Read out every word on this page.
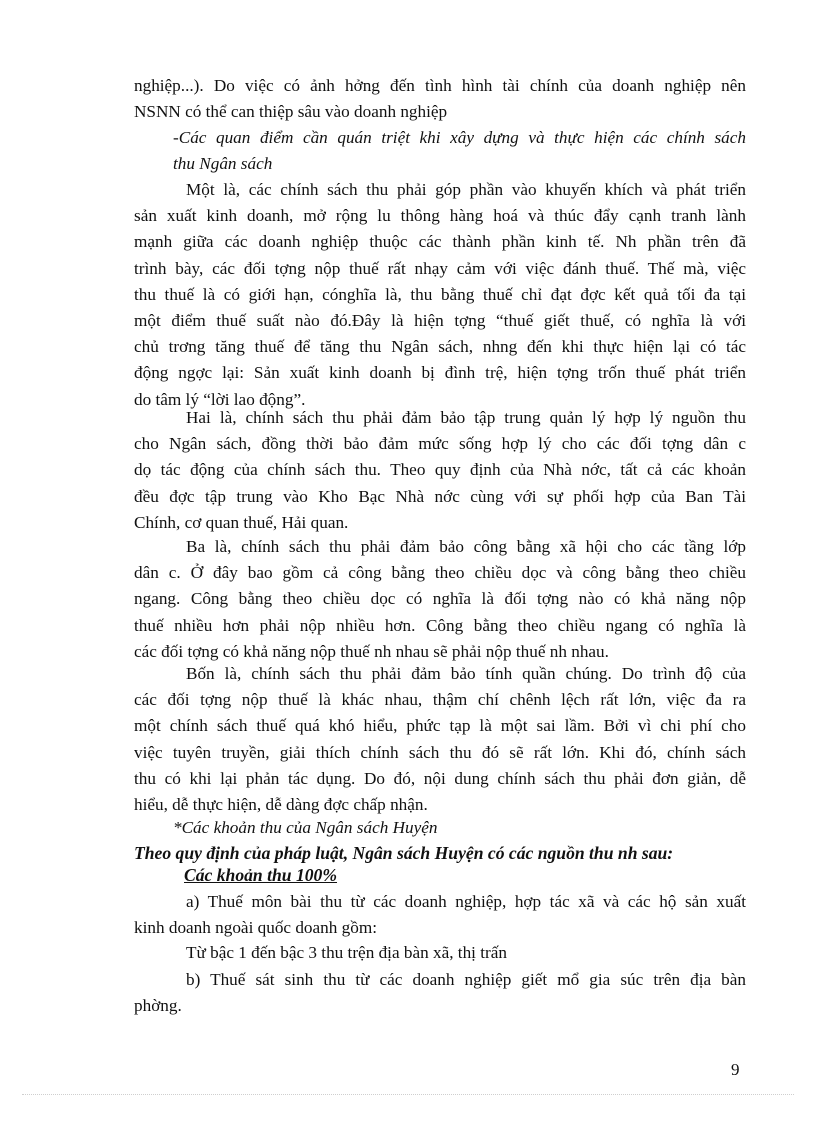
nghiệp...). Do việc có ảnh hởng đến tình hình tài chính của doanh nghiệp nên
NSNN có thể can thiệp sâu vào doanh nghiệp
-Các quan điểm cần quán triệt khi xây dựng và thực hiện các chính sách
thu Ngân sách
Một là, các chính sách thu phải góp phần vào khuyến khích và phát triển
sản xuất kinh doanh, mở rộng lu thông hàng hoá và thúc đẩy cạnh tranh lành
mạnh giữa các doanh nghiệp thuộc các thành phần kinh tế. Nh phần trên đã
trình bày, các đối tợng nộp thuế rất nhạy cảm với việc đánh thuế. Thế mà, việc
thu thuế là có giới hạn, cónghĩa là, thu bằng thuế chỉ đạt đợc kết quả tối đa tại
một điểm thuế suất nào đó.Đây là hiện tợng “thuế giết thuế, có nghĩa là với
chủ trơng tăng thuế để tăng thu Ngân sách, nhng đến khi thực hiện lại có tác
động ngợc lại: Sản xuất kinh doanh bị đình trệ, hiện tợng trốn thuế phát triển
do tâm lý “lời lao động”.
Hai là, chính sách thu phải đảm bảo tập trung quản lý hợp lý nguồn thu
cho Ngân sách, đồng thời bảo đảm mức sống hợp lý cho các đối tợng dân c
dọ tác động của chính sách thu. Theo quy định của Nhà nớc, tất cả các khoản
đều đợc tập trung vào Kho Bạc Nhà nớc cùng với sự phối hợp của Ban Tài
Chính, cơ quan thuế, Hải quan.
Ba là, chính sách thu phải đảm bảo công bằng xã hội cho các tầng lớp
dân c. Ở đây bao gồm cả công bằng theo chiều dọc và công bằng theo chiều
ngang. Công bằng theo chiều dọc có nghĩa là đối tợng nào có khả năng nộp
thuế nhiều hơn phải nộp nhiều hơn. Công bằng theo chiều ngang có nghĩa là
các đối tợng có khả năng nộp thuế nh nhau sẽ phải nộp thuế nh nhau.
Bốn là, chính sách thu phải đảm bảo tính quần chúng. Do trình độ của
các đối tợng nộp thuế là khác nhau, thậm chí chênh lệch rất lớn, việc đa ra
một chính sách thuế quá khó hiểu, phức tạp là một sai lầm. Bởi vì chi phí cho
việc tuyên truyền, giải thích chính sách thu đó sẽ rất lớn. Khi đó, chính sách
thu có khi lại phản tác dụng. Do đó, nội dung chính sách thu phải đơn giản, dễ
hiểu, dễ thực hiện, dễ dàng đợc chấp nhận.
*Các khoản thu của Ngân sách Huyện
Theo quy định của pháp luật, Ngân sách Huyện có các nguồn thu nh sau:
Các khoản thu 100%
a) Thuế môn bài thu từ các doanh nghiệp, hợp tác xã và các hộ sản xuất
kinh doanh ngoài quốc doanh gồm:
Từ bậc 1 đến bậc 3 thu trện địa bàn xã, thị trấn
b) Thuế sát sinh thu từ các doanh nghiệp giết mổ gia súc trên địa bàn
phờng.
9
